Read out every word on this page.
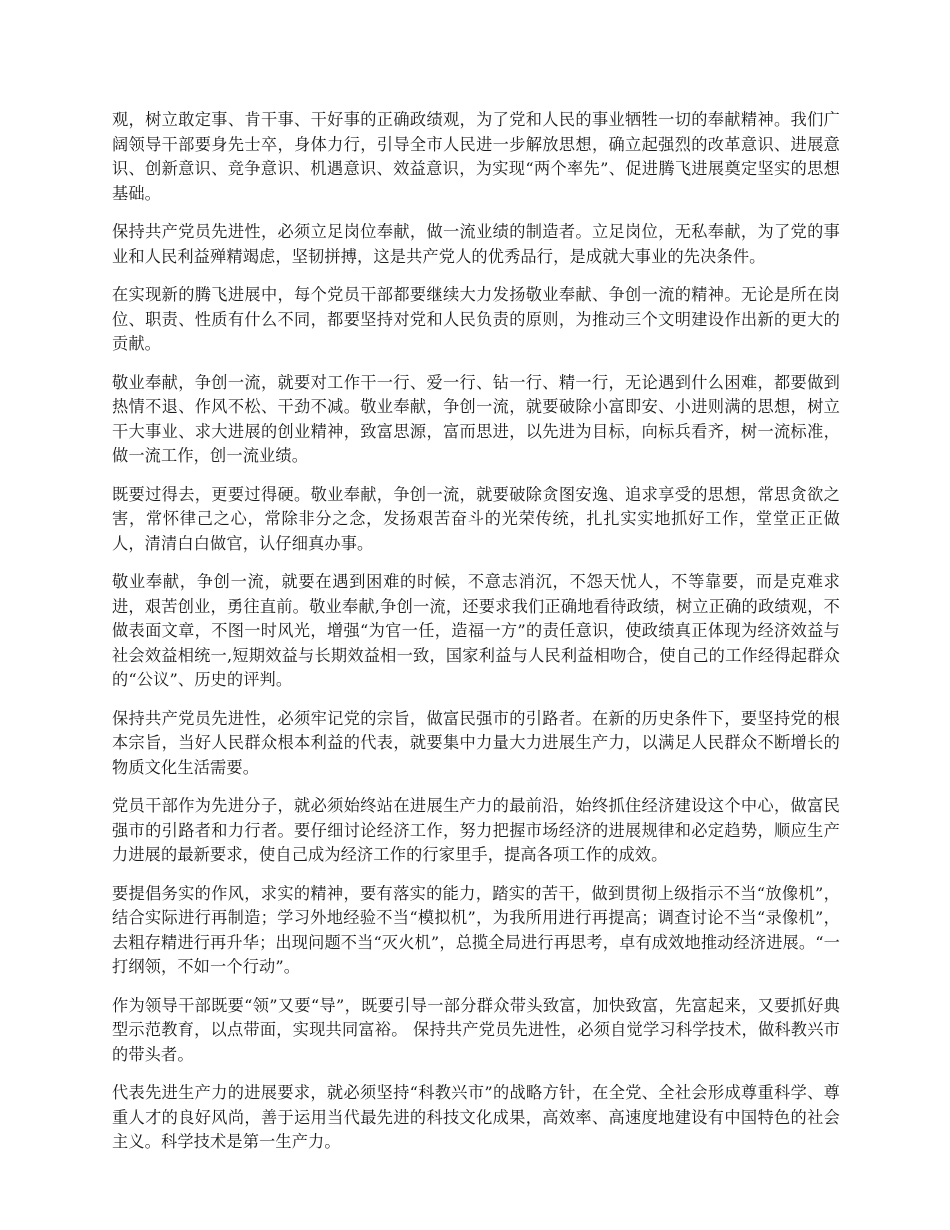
观，树立敢定事、肯干事、干好事的正确政绩观，为了党和人民的事业牺牲一切的奉献精神。我们广阔领导干部要身先士卒，身体力行，引导全市人民进一步解放思想，确立起强烈的改革意识、进展意识、创新意识、竞争意识、机遇意识、效益意识，为实现“两个率先”、促进腾飞进展奠定坚实的思想基础。

保持共产党员先进性，必须立足岗位奉献，做一流业绩的制造者。立足岗位，无私奉献，为了党的事业和人民利益殚精竭虑，坚韧拼搏，这是共产党人的优秀品行，是成就大事业的先决条件。

在实现新的腾飞进展中，每个党员干部都要继续大力发扬敬业奉献、争创一流的精神。无论是所在岗位、职责、性质有什么不同，都要坚持对党和人民负责的原则，为推动三个文明建设作出新的更大的贡献。

敬业奉献，争创一流，就要对工作干一行、爱一行、钻一行、精一行，无论遇到什么困难，都要做到热情不退、作风不松、干劲不减。敬业奉献，争创一流，就要破除小富即安、小进则满的思想，树立干大事业、求大进展的创业精神，致富思源，富而思进，以先进为目标，向标兵看齐，树一流标准，做一流工作，创一流业绩。

既要过得去，更要过得硬。敬业奉献，争创一流，就要破除贪图安逸、追求享受的思想，常思贪欲之害，常怀律己之心，常除非分之念，发扬艰苦奋斗的光荣传统，扎扎实实地抓好工作，堂堂正正做人，清清白白做官，认仔细真办事。

敬业奉献，争创一流，就要在遇到困难的时候，不意志消沉，不怨天忧人，不等靠要，而是克难求进，艰苦创业，勇往直前。敬业奉献,争创一流，还要求我们正确地看待政绩，树立正确的政绩观，不做表面文章，不图一时风光，增强“为官一任，造福一方”的责任意识，使政绩真正体现为经济效益与社会效益相统一,短期效益与长期效益相一致，国家利益与人民利益相吻合，使自己的工作经得起群众的“公议”、历史的评判。

保持共产党员先进性，必须牢记党的宗旨，做富民强市的引路者。在新的历史条件下，要坚持党的根本宗旨，当好人民群众根本利益的代表，就要集中力量大力进展生产力，以满足人民群众不断增长的物质文化生活需要。

党员干部作为先进分子，就必须始终站在进展生产力的最前沿，始终抓住经济建设这个中心，做富民强市的引路者和力行者。要仔细讨论经济工作，努力把握市场经济的进展规律和必定趋势，顺应生产力进展的最新要求，使自己成为经济工作的行家里手，提高各项工作的成效。

要提倡务实的作风，求实的精神，要有落实的能力，踏实的苦干，做到贯彻上级指示不当“放像机”，结合实际进行再制造；学习外地经验不当“模拟机”，为我所用进行再提高；调查讨论不当“录像机”，去粗存精进行再升华；出现问题不当“灭火机”，总揽全局进行再思考，卓有成效地推动经济进展。“一打纲领，不如一个行动”。

作为领导干部既要“领”又要“导”，既要引导一部分群众带头致富，加快致富，先富起来，又要抓好典型示范教育，以点带面，实现共同富裕。 保持共产党员先进性，必须自觉学习科学技术，做科教兴市的带头者。

代表先进生产力的进展要求，就必须坚持“科教兴市”的战略方针，在全党、全社会形成尊重科学、尊重人才的良好风尚，善于运用当代最先进的科技文化成果，高效率、高速度地建设有中国特色的社会主义。科学技术是第一生产力。
